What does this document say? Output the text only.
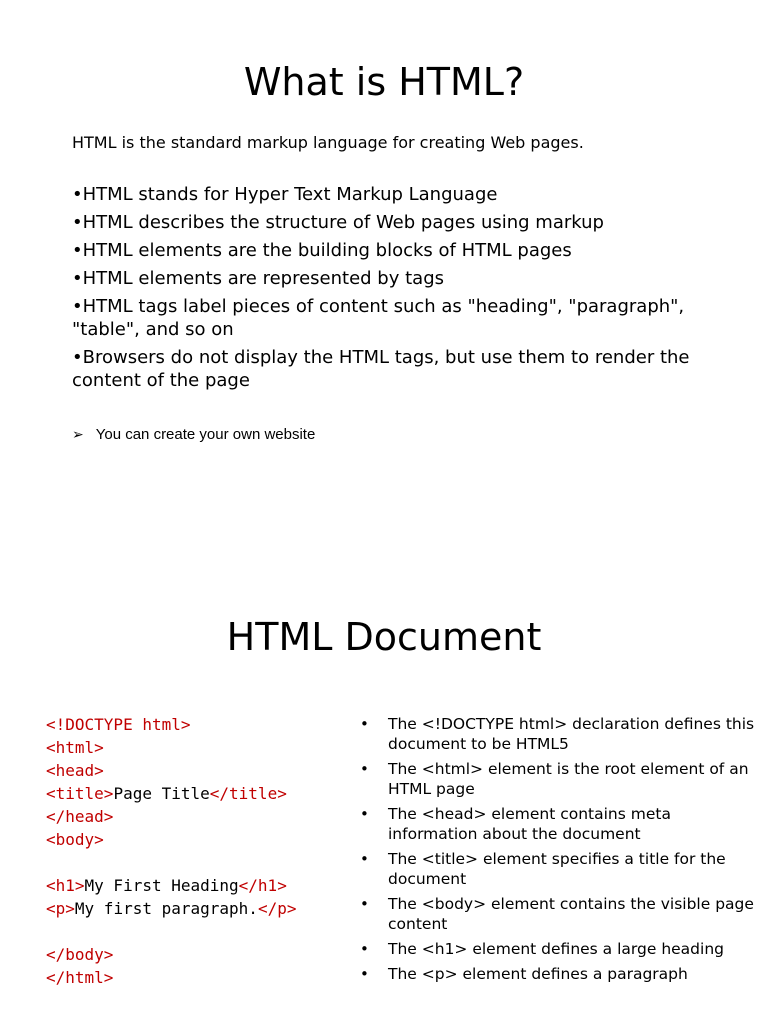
What is HTML?

HTML is the standard markup language for creating Web pages.

•HTML stands for Hyper Text Markup Language
•HTML describes the structure of Web pages using markup
•HTML elements are the building blocks of HTML pages
•HTML elements are represented by tags
•HTML tags label pieces of content such as "heading", "paragraph", "table", and so on
•Browsers do not display the HTML tags, but use them to render the content of the page
➢ You can create your own website
HTML Document
<!DOCTYPE html>
<html>
<head>
<title>Page Title</title>
</head>
<body>
<h1>My First Heading</h1>
<p>My first paragraph.</p>
</body>
</html>
• The <!DOCTYPE html> declaration defines this document to be HTML5
• The <html> element is the root element of an HTML page
• The <head> element contains meta information about the document
• The <title> element specifies a title for the document
• The <body> element contains the visible page content
• The <h1> element defines a large heading
• The <p> element defines a paragraph
